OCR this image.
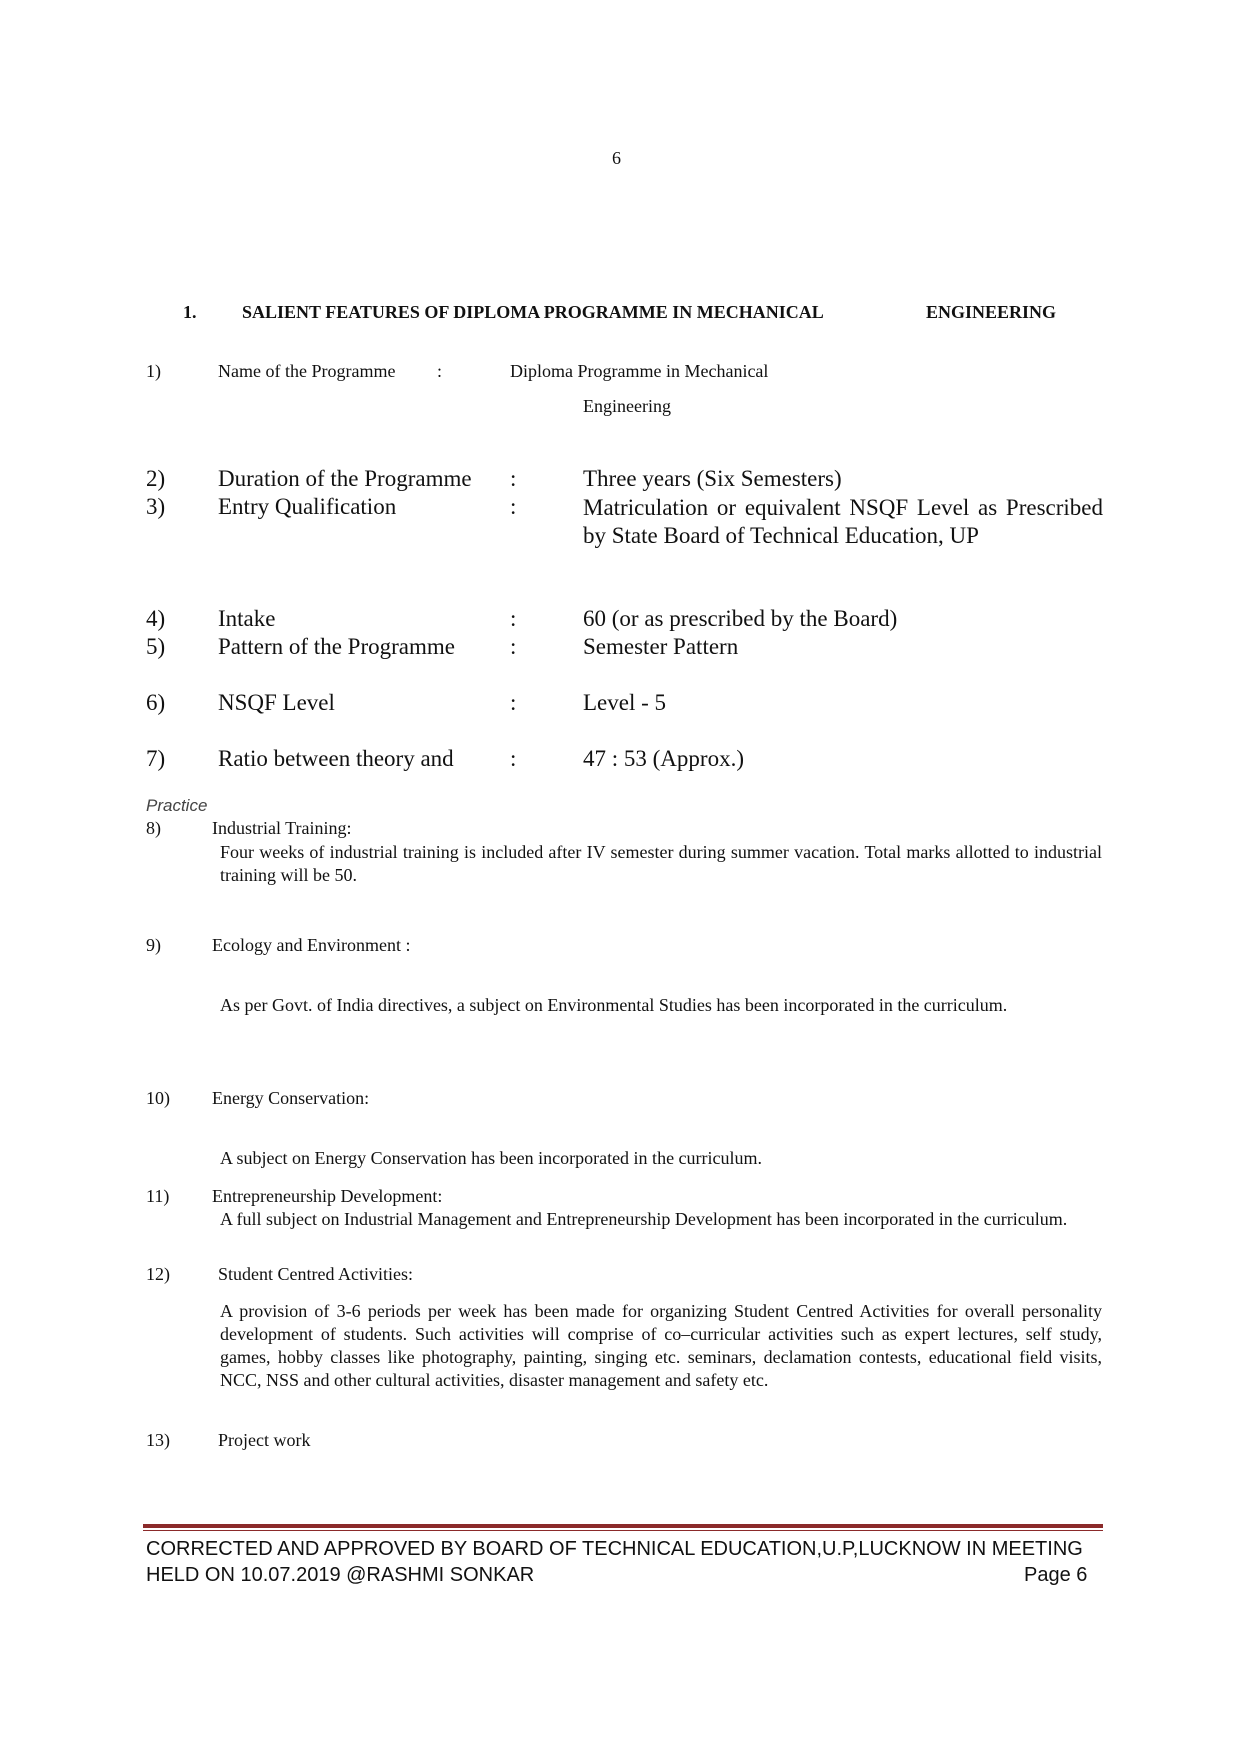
6
1.	SALIENT FEATURES OF DIPLOMA PROGRAMME IN MECHANICAL	ENGINEERING
1)	Name of the Programme :	Diploma Programme in Mechanical
Engineering
2) Duration of the Programme :	Three years (Six Semesters)
3) Entry Qualification	:	Matriculation or equivalent NSQF Level as Prescribed by State Board of Technical Education, UP
4) Intake	:	60 (or as prescribed by the Board)
5) Pattern of the Programme :	Semester Pattern
6) NSQF Level	:	Level - 5
7) Ratio between theory and :	47 : 53 (Approx.)
Practice
8)	Industrial Training:
Four weeks of industrial training is included after IV semester during summer vacation. Total marks allotted to industrial training will be 50.
9)	Ecology and Environment :
As per Govt. of India directives, a subject on Environmental Studies has been incorporated in the curriculum.
10) Energy Conservation:
A subject on Energy Conservation has been incorporated in the curriculum.
11) Entrepreneurship Development:
A full subject on Industrial Management and Entrepreneurship Development has been incorporated in the curriculum.
12)	Student Centred Activities:
A provision of 3-6 periods per week has been made for organizing Student Centred Activities for overall personality development of students. Such activities will comprise of co–curricular activities such as expert lectures, self study, games, hobby classes like photography, painting, singing etc. seminars, declamation contests, educational field visits, NCC, NSS and other cultural activities, disaster management and safety etc.
13)	Project work
CORRECTED AND APPROVED BY BOARD OF TECHNICAL EDUCATION,U.P,LUCKNOW IN MEETING
HELD ON 10.07.2019 @RASHMI SONKAR	Page 6
